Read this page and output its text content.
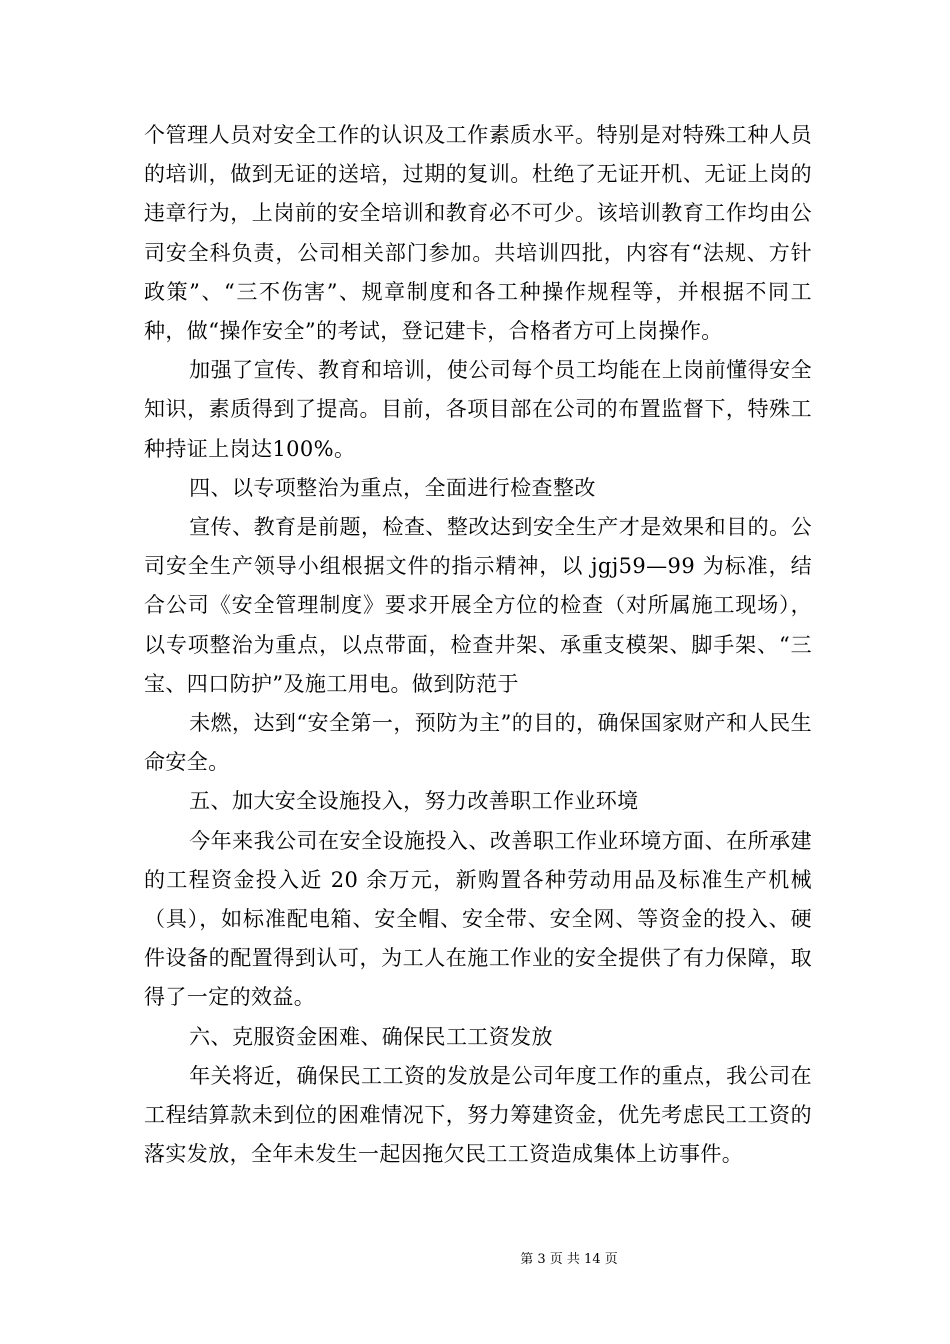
个管理人员对安全工作的认识及工作素质水平。特别是对特殊工种人员的培训，做到无证的送培，过期的复训。杜绝了无证开机、无证上岗的违章行为，上岗前的安全培训和教育必不可少。该培训教育工作均由公司安全科负责，公司相关部门参加。共培训四批，内容有“法规、方针政策”、“三不伤害”、规章制度和各工种操作规程等，并根据不同工种，做“操作安全”的考试，登记建卡，合格者方可上岗操作。

加强了宣传、教育和培训，使公司每个员工均能在上岗前懂得安全知识，素质得到了提高。目前，各项目部在公司的布置监督下，特殊工种持证上岗达100%。

四、以专项整治为重点，全面进行检查整改

宣传、教育是前题，检查、整改达到安全生产才是效果和目的。公司安全生产领导小组根据文件的指示精神，以 jgj59—99 为标准，结合公司《安全管理制度》要求开展全方位的检查（对所属施工现场），以专项整治为重点，以点带面，检查井架、承重支模架、脚手架、“三宝、四口防护”及施工用电。做到防范于

未燃，达到“安全第一，预防为主”的目的，确保国家财产和人民生命安全。

五、加大安全设施投入，努力改善职工作业环境

今年来我公司在安全设施投入、改善职工作业环境方面、在所承建的工程资金投入近 20 余万元，新购置各种劳动用品及标准生产机械（具），如标准配电箱、安全帽、安全带、安全网、等资金的投入、硬件设备的配置得到认可，为工人在施工作业的安全提供了有力保障，取得了一定的效益。

六、克服资金困难、确保民工工资发放

年关将近，确保民工工资的发放是公司年度工作的重点，我公司在工程结算款未到位的困难情况下，努力筹建资金，优先考虑民工工资的落实发放，全年未发生一起因拖欠民工工资造成集体上访事件。

第 3 页 共 14 页
